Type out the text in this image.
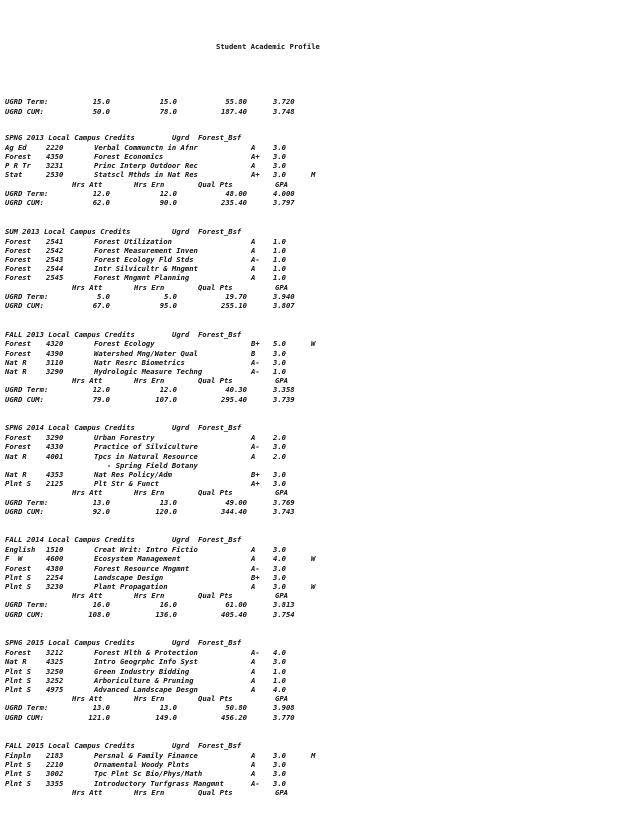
Student Academic Profile
UGRD Term:	15.0	15.0	55.80	3.720
UGRD CUM:	50.0	78.0	187.40	3.748
SPNG 2013 Local Campus Credits	Ugrd  Forest_Bsf
Ag Ed	2220	Verbal Communctn in Afnr	A 3.0
Forest 4350	Forest Economics	A+ 3.0
P R Tr 3231	Princ Interp Outdoor Rec	A 3.0
Stat	2530	Statscl Mthds in Nat Res	A+ 3.0	M
Hrs Att	Hrs Ern	Qual Pts	GPA
UGRD Term:	12.0	12.0	48.00	4.000
UGRD CUM:	62.0	90.0	235.40	3.797
SUM 2013 Local Campus Credits	Ugrd  Forest_Bsf
Forest 2541	Forest Utilization	A 1.0
Forest 2542	Forest Measurement Inven	A 1.0
Forest 2543	Forest Ecology Fld Stds	A- 1.0
Forest 2544	Intr Silvicultr & Mngmnt	A 1.0
Forest 2545	Forest Mngmnt Planning	A 1.0
Hrs Att	Hrs Ern	Qual Pts	GPA
UGRD Term:	5.0	5.0	19.70	3.940
UGRD CUM:	67.0	95.0	255.10	3.807
FALL 2013 Local Campus Credits	Ugrd  Forest_Bsf
Forest 4320	Forest Ecology	B+ 5.0	W
Forest 4390	Watershed Mng/Water Qual	B 3.0
Nat R	3110	Natr Resrc Biometrics	A- 3.0
Nat R	3290	Hydrologic Measure Techng	A- 1.0
Hrs Att	Hrs Ern	Qual Pts	GPA
UGRD Term:	12.0	12.0	40.30	3.358
UGRD CUM:	79.0	107.0	295.40	3.739
SPNG 2014 Local Campus Credits	Ugrd  Forest_Bsf
Forest 3290	Urban Forestry	A 2.0
Forest 4330	Practice of Silviculture	A- 3.0
Nat R	4001	Tpcs in Natural Resource	A 2.0
- Spring Field Botany
Nat R	4353	Nat Res Policy/Adm	B+ 3.0
Plnt S 2125	Plt Str & Funct	A+ 3.0
Hrs Att	Hrs Ern	Qual Pts	GPA
UGRD Term:	13.0	13.0	49.00	3.769
UGRD CUM:	92.0	120.0	344.40	3.743
FALL 2014 Local Campus Credits	Ugrd  Forest_Bsf
English 1510	Creat Writ: Intro Fictio	A 3.0
F  W	4600	Ecosystem Management	A 4.0	W
Forest 4380	Forest Resource Mngmnt	A- 3.0
Plnt S 2254	Landscape Design	B+ 3.0
Plnt S 3230	Plant Propagation	A 3.0	W
Hrs Att	Hrs Ern	Qual Pts	GPA
UGRD Term:	16.0	16.0	61.00	3.813
UGRD CUM:	108.0	136.0	405.40	3.754
SPNG 2015 Local Campus Credits	Ugrd  Forest_Bsf
Forest 3212	Forest Hlth & Protection	A- 4.0
Nat R	4325	Intro Geogrphc Info Syst	A 3.0
Plnt S 3250	Green Industry Bidding	A 1.0
Plnt S 3252	Arboriculture & Pruning	A 1.0
Plnt S 4975	Advanced Landscape Desgn	A 4.0
Hrs Att	Hrs Ern	Qual Pts	GPA
UGRD Term:	13.0	13.0	50.80	3.908
UGRD CUM:	121.0	149.0	456.20	3.770
FALL 2015 Local Campus Credits	Ugrd  Forest_Bsf
Finpln 2183	Persnal & Family Finance	A 3.0	M
Plnt S 2210	Ornamental Woody Plnts	A 3.0
Plnt S 3002	Tpc Plnt Sc Bio/Phys/Math	A 3.0
Plnt S 3355	Introductory Turfgrass Mangmnt	A- 3.0
Hrs Att	Hrs Ern	Qual Pts	GPA
